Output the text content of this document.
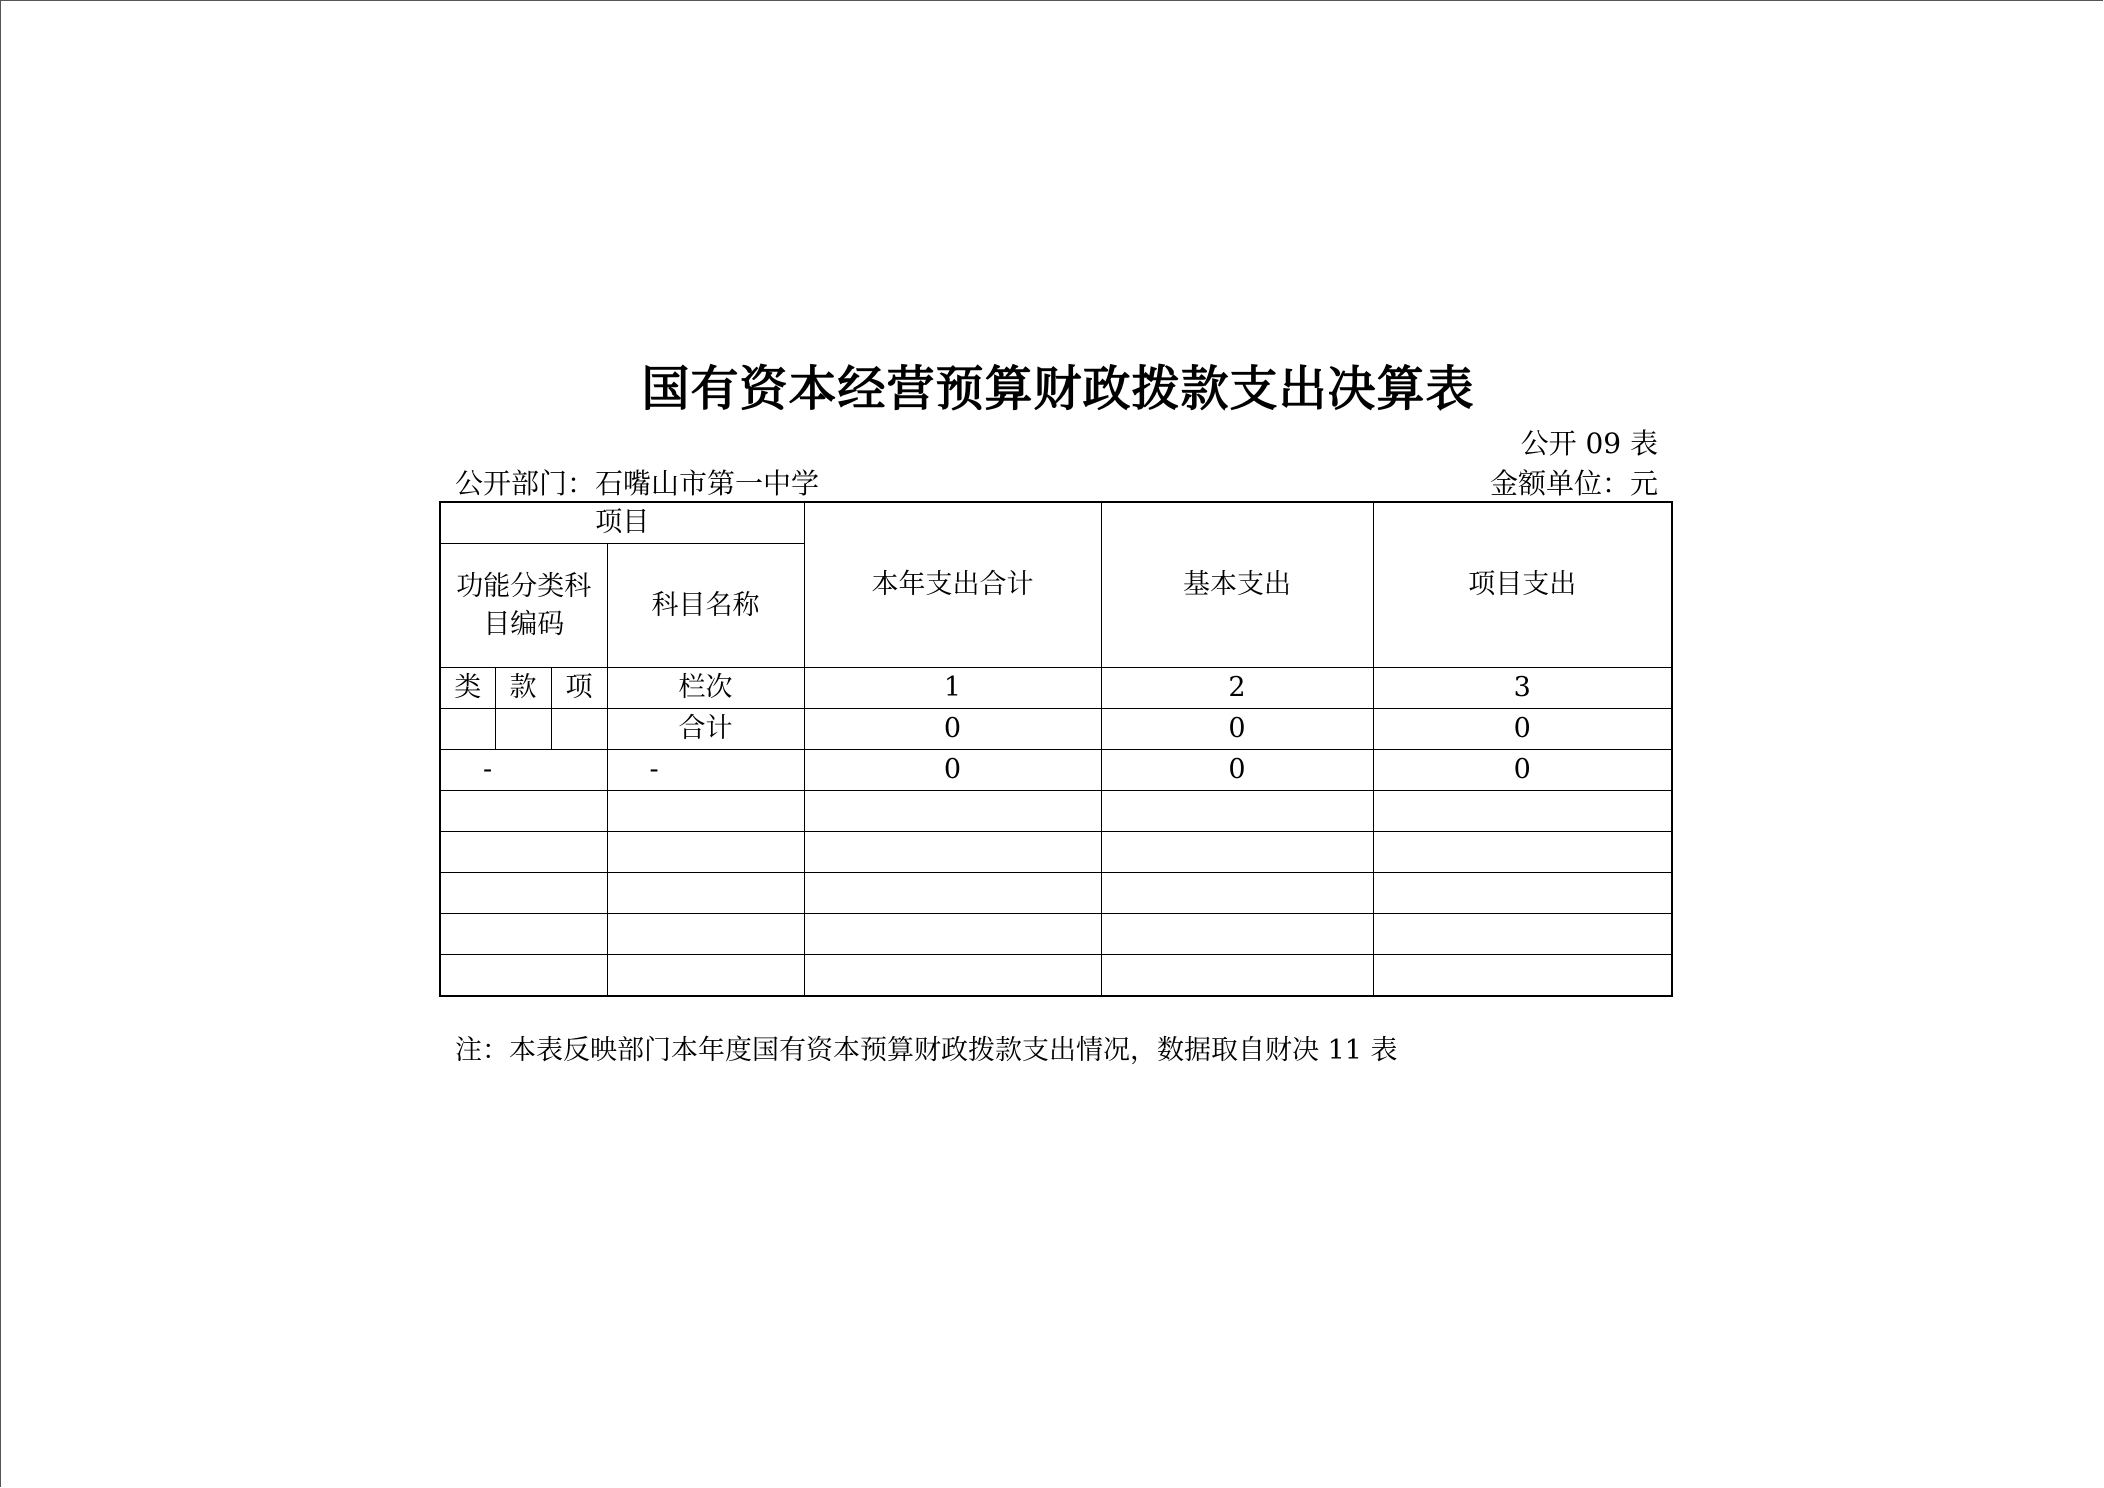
国有资本经营预算财政拨款支出决算表
公开 09 表
公开部门：石嘴山市第一中学	金额单位：元
项目				本年支出合计	基本支出	项目支出
功能分类科目编码			科目名称			
类	款	项	栏次	1	2	3
			合计	0	0	0
-			-	0	0	0

注：本表反映部门本年度国有资本预算财政拨款支出情况，数据取自财决 11 表
